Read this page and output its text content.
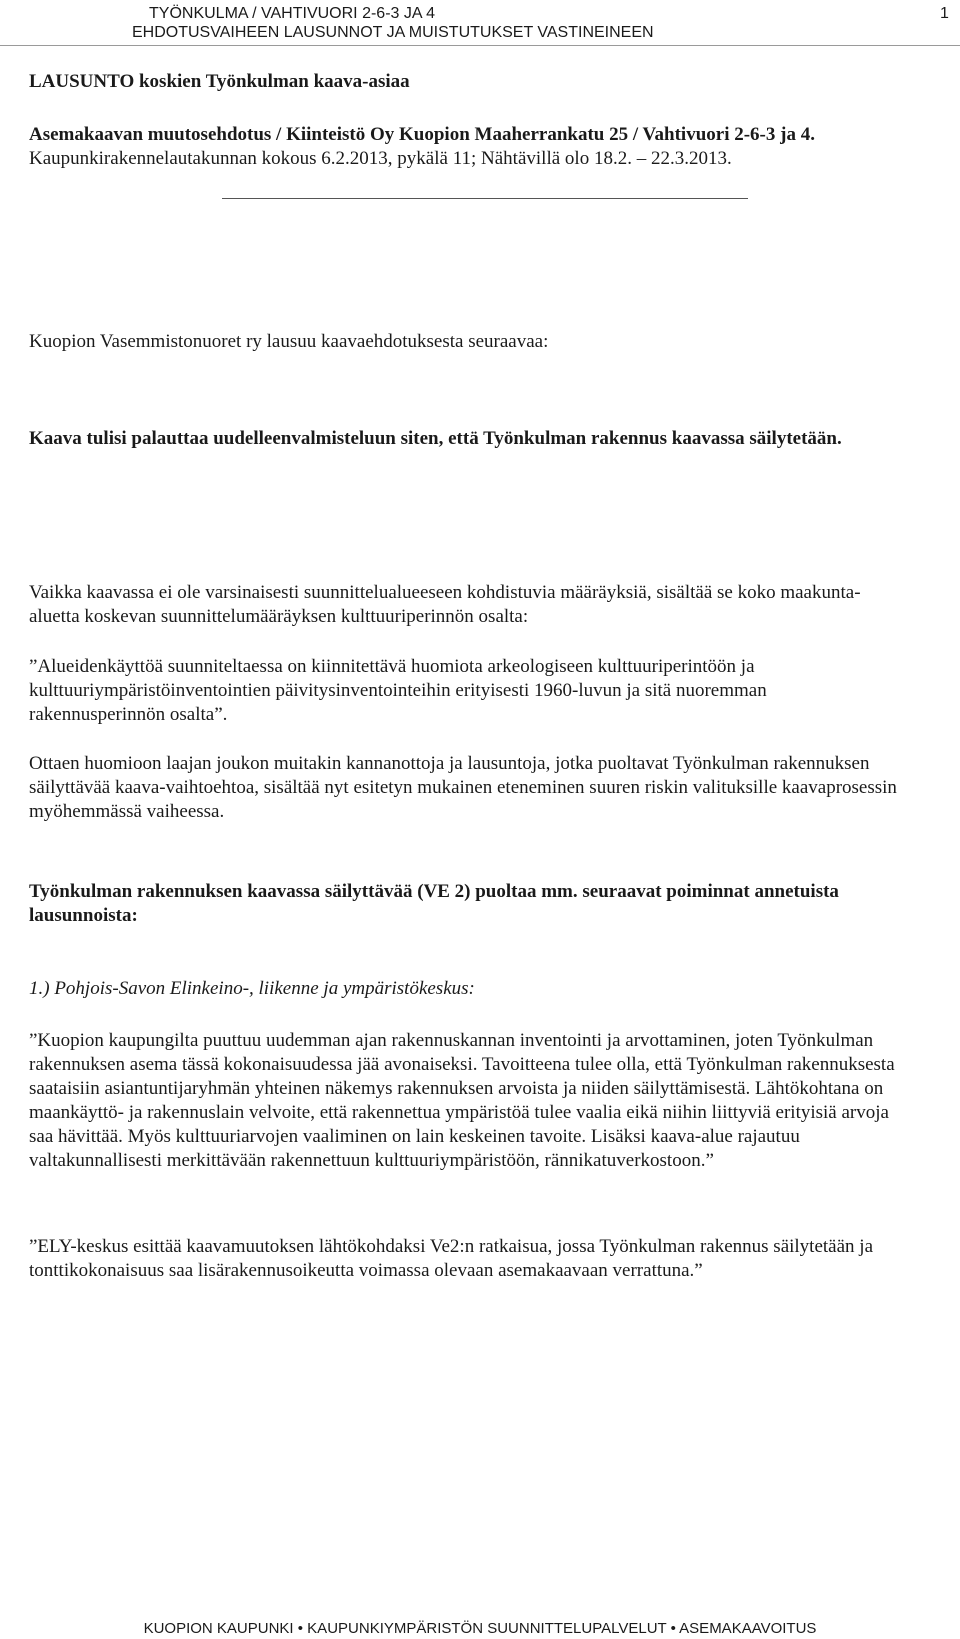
TYÖNKULMA / VAHTIVUORI 2-6-3 JA 4
EHDOTUSVAIHEEN LAUSUNNOT JA MUISTUTUKSET VASTINEINEEN
1

LAUSUNTO koskien Työnkulman kaava-asiaa

Asemakaavan muutosehdotus / Kiinteistö Oy Kuopion Maaherrankatu 25 / Vahtivuori 2-6-3 ja 4. Kaupunkirakennelautakunnan kokous 6.2.2013, pykälä 11; Nähtävillä olo 18.2. – 22.3.2013.

Kuopion Vasemmistonuoret ry lausuu kaavaehdotuksesta seuraavaa:

Kaava tulisi palauttaa uudelleenvalmisteluun siten, että Työnkulman rakennus kaavassa säilytetään.

Vaikka kaavassa ei ole varsinaisesti suunnittelualueeseen kohdistuvia määräyksiä, sisältää se koko maakunta-aluetta koskevan suunnittelumääräyksen kulttuuriperinnön osalta:

”Alueidenkäyttöä suunniteltaessa on kiinnitettävä huomiota arkeologiseen kulttuuriperintöön ja kulttuuriympäristöinventointien päivitysinventointeihin erityisesti 1960-luvun ja sitä nuoremman rakennusperinnön osalta”.

Ottaen huomioon laajan joukon muitakin kannanottoja ja lausuntoja, jotka puoltavat Työnkulman rakennuksen säilyttävää kaava-vaihtoehtoa, sisältää nyt esitetyn mukainen eteneminen suuren riskin valituksille kaavaprosessin myöhemmässä vaiheessa.

Työnkulman rakennuksen kaavassa säilyttävää (VE 2) puoltaa mm. seuraavat poiminnat annetuista lausunnoista:

1.) Pohjois-Savon Elinkeino-, liikenne ja ympäristökeskus:

”Kuopion kaupungilta puuttuu uudemman ajan rakennuskannan inventointi ja arvottaminen, joten Työnkulman rakennuksen asema tässä kokonaisuudessa jää avonaiseksi. Tavoitteena tulee olla, että Työnkulman rakennuksesta saataisiin asiantuntijaryhmän yhteinen näkemys rakennuksen arvoista ja niiden säilyttämisestä. Lähtökohtana on maankäyttö- ja rakennuslain velvoite, että rakennettua ympäristöä tulee vaalia eikä niihin liittyviä erityisiä arvoja saa hävittää. Myös kulttuuriarvojen vaaliminen on lain keskeinen tavoite. Lisäksi kaava-alue rajautuu valtakunnallisesti merkittävään rakennettuun kulttuuriympäristöön, rännikatuverkostoon.”

”ELY-keskus esittää kaavamuutoksen lähtökohdaksi Ve2:n ratkaisua, jossa Työnkulman rakennus säilytetään ja tonttikokonaisuus saa lisärakennusoikeutta voimassa olevaan asemakaavaan verrattuna.”

KUOPION KAUPUNKI • KAUPUNKIYMPÄRISTÖN SUUNNITTELUPALVELUT • ASEMAKAAVOITUS
